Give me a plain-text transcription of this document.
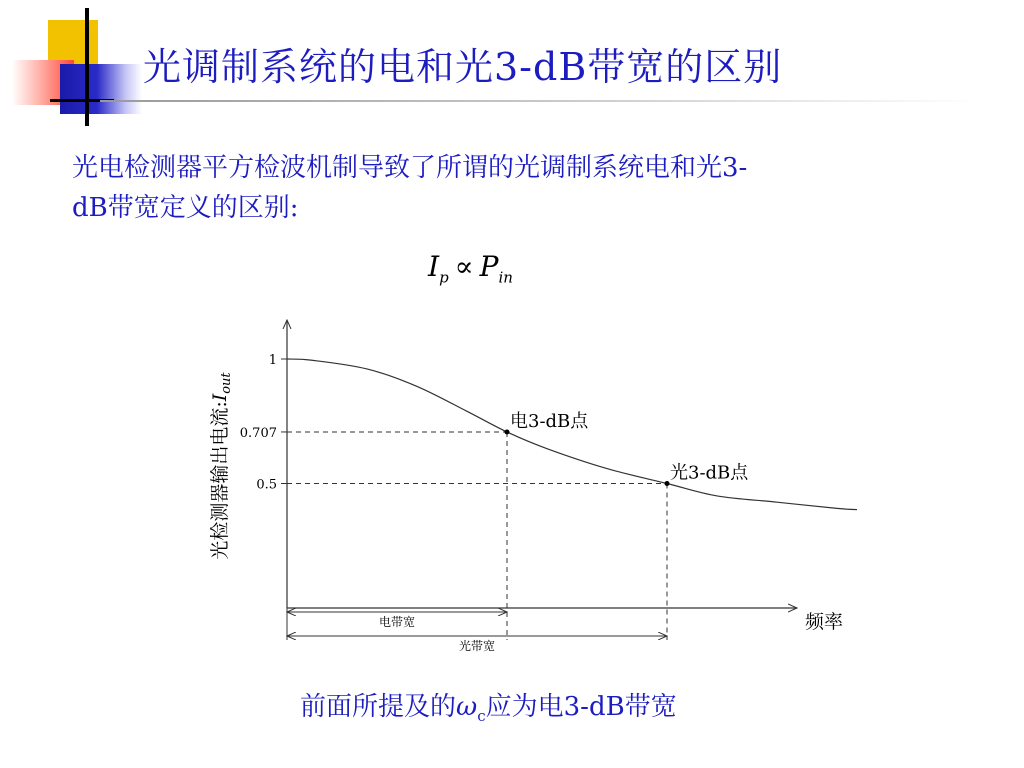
光调制系统的电和光3-dB带宽的区别
光电检测器平方检波机制导致了所谓的光调制系统电和光3-
dB带宽定义的区别:
$I_p \propto P_{in}$
1
0.707
0.5
电3-dB点
光3-dB点
电带宽
光带宽
频率
光检测器输出电流$:I_{out}$
前面所提及的$\omega_c$应为电3-dB带宽
